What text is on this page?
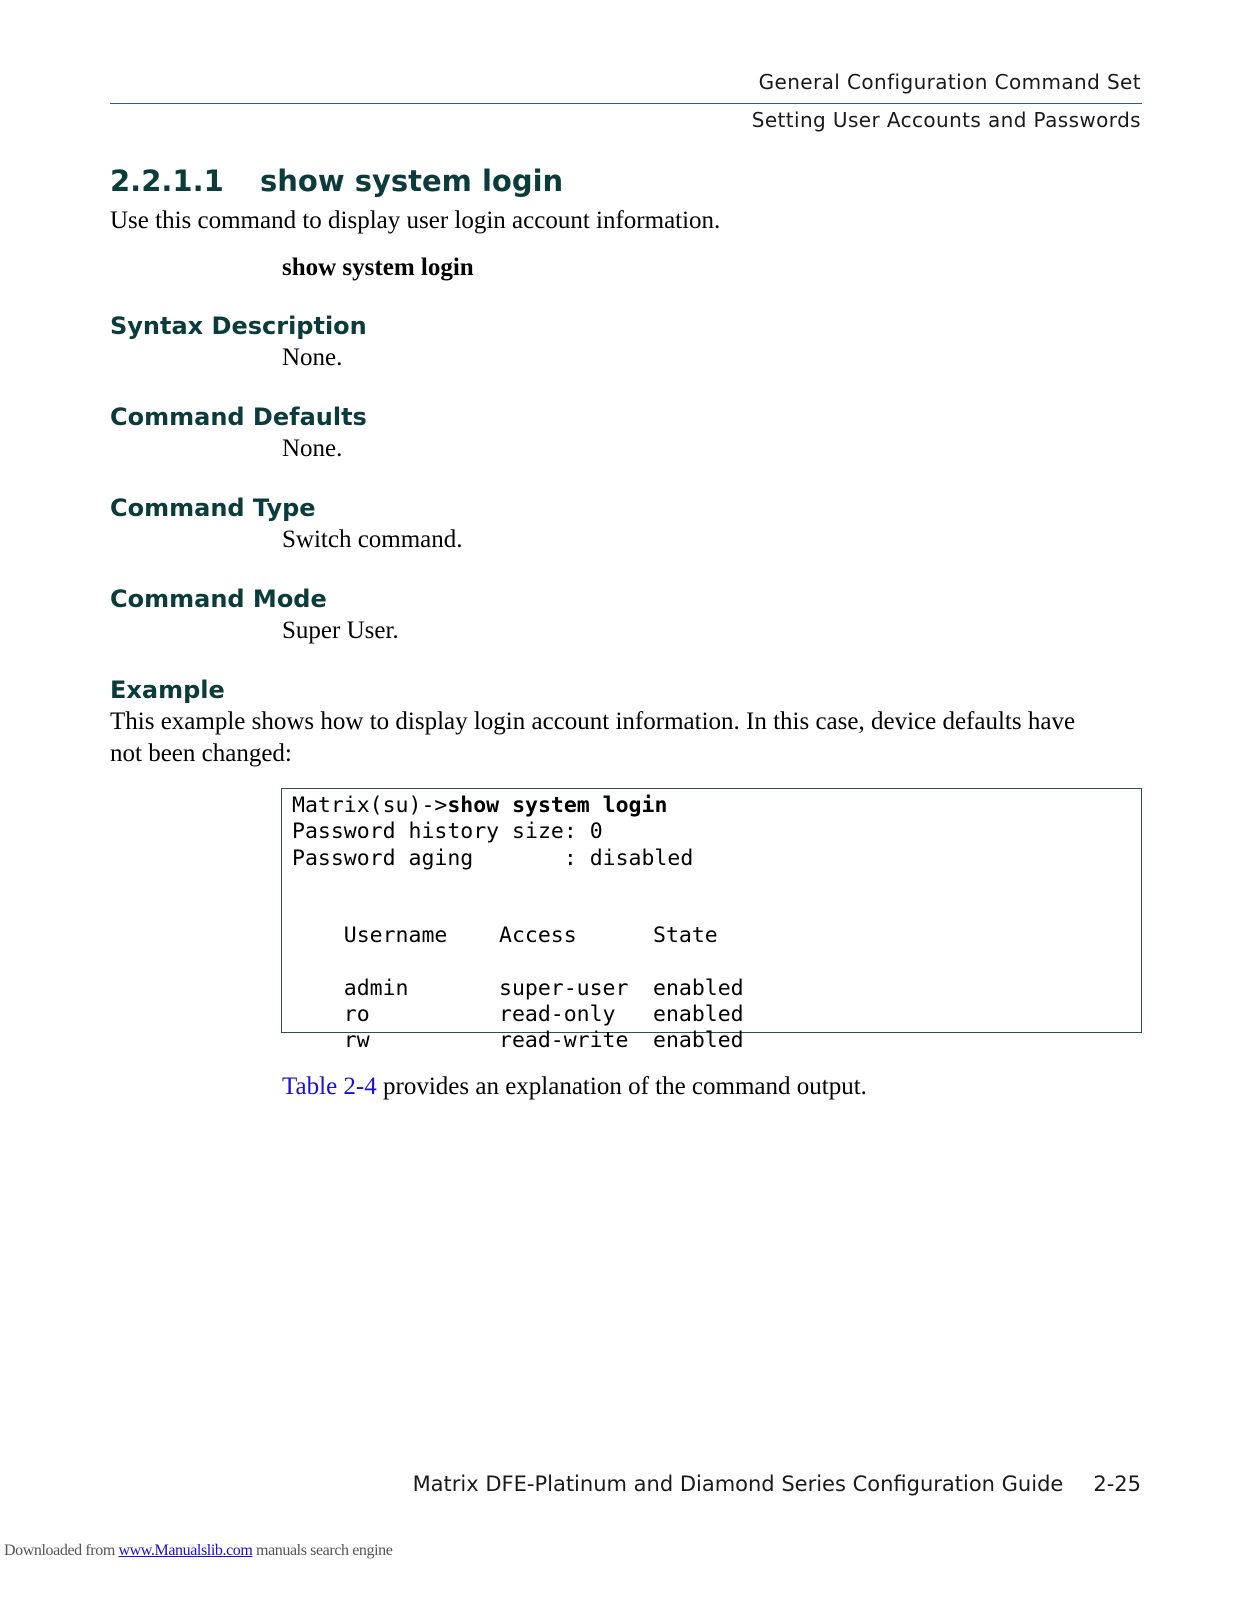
General Configuration Command Set
Setting User Accounts and Passwords
2.2.1.1 show system login
Use this command to display user login account information.
show system login
Syntax Description
None.
Command Defaults
None.
Command Type
Switch command.
Command Mode
Super User.
Example
This example shows how to display login account information. In this case, device defaults have
not been changed:
Matrix(su)->show system login
Password history size: 0
Password aging       : disabled

Username Access	State

admin	super-user enabled

ro	read-only enabled

rw	read-write enabled

Table 2-4 provides an explanation of the command output.
Matrix DFE-Platinum and Diamond Series Configuration Guide 2-25
Downloaded from www.Manualslib.com manuals search engine
